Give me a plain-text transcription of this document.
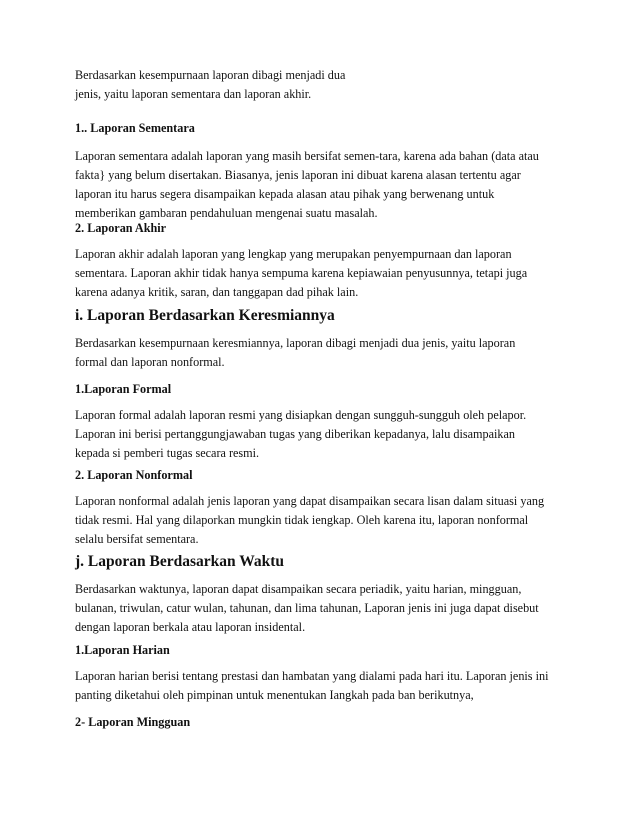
Berdasarkan kesempurnaan laporan dibagi menjadi dua
jenis, yaitu laporan sementara dan laporan akhir.

1.. Laporan Sementara

Laporan sementara adalah laporan yang masih bersifat semen-tara, karena ada bahan (data atau
fakta} yang belum disertakan. Biasanya, jenis laporan ini dibuat karena alasan tertentu agar
laporan itu harus segera disampaikan kepada alasan atau pihak yang berwenang untuk
memberikan gambaran pendahuluan mengenai suatu masalah.

2. Laporan Akhir

Laporan akhir adalah laporan yang lengkap yang merupakan penyempurnaan dan laporan
sementara. Laporan akhir tidak hanya sempuma karena kepiawaian penyusunnya, tetapi juga
karena adanya kritik, saran, dan tanggapan dad pihak lain.

i. Laporan Berdasarkan Keresmiannya

Berdasarkan kesempurnaan keresmiannya, laporan dibagi menjadi dua jenis, yaitu laporan
formal dan laporan nonformal.

1.Laporan Formal

Laporan formal adalah laporan resmi yang disiapkan dengan sungguh-sungguh oleh pelapor.
Laporan ini berisi pertanggungjawaban tugas yang diberikan kepadanya, lalu disampaikan
kepada si pemberi tugas secara resmi.

2. Laporan Nonformal

Laporan nonformal adalah jenis laporan yang dapat disampaikan secara lisan dalam situasi yang
tidak resmi. Hal yang dilaporkan mungkin tidak iengkap. Oleh karena itu, laporan nonformal
selalu bersifat sementara.

j. Laporan Berdasarkan Waktu

Berdasarkan waktunya, laporan dapat disampaikan secara periadik, yaitu harian, mingguan,
bulanan, triwulan, catur wulan, tahunan, dan lima tahunan, Laporan jenis ini juga dapat disebut
dengan laporan berkala atau laporan insidental.

1.Laporan Harian

Laporan harian berisi tentang prestasi dan hambatan yang dialami pada hari itu. Laporan jenis ini
panting diketahui oleh pimpinan untuk menentukan Iangkah pada ban berikutnya,

2- Laporan Mingguan
